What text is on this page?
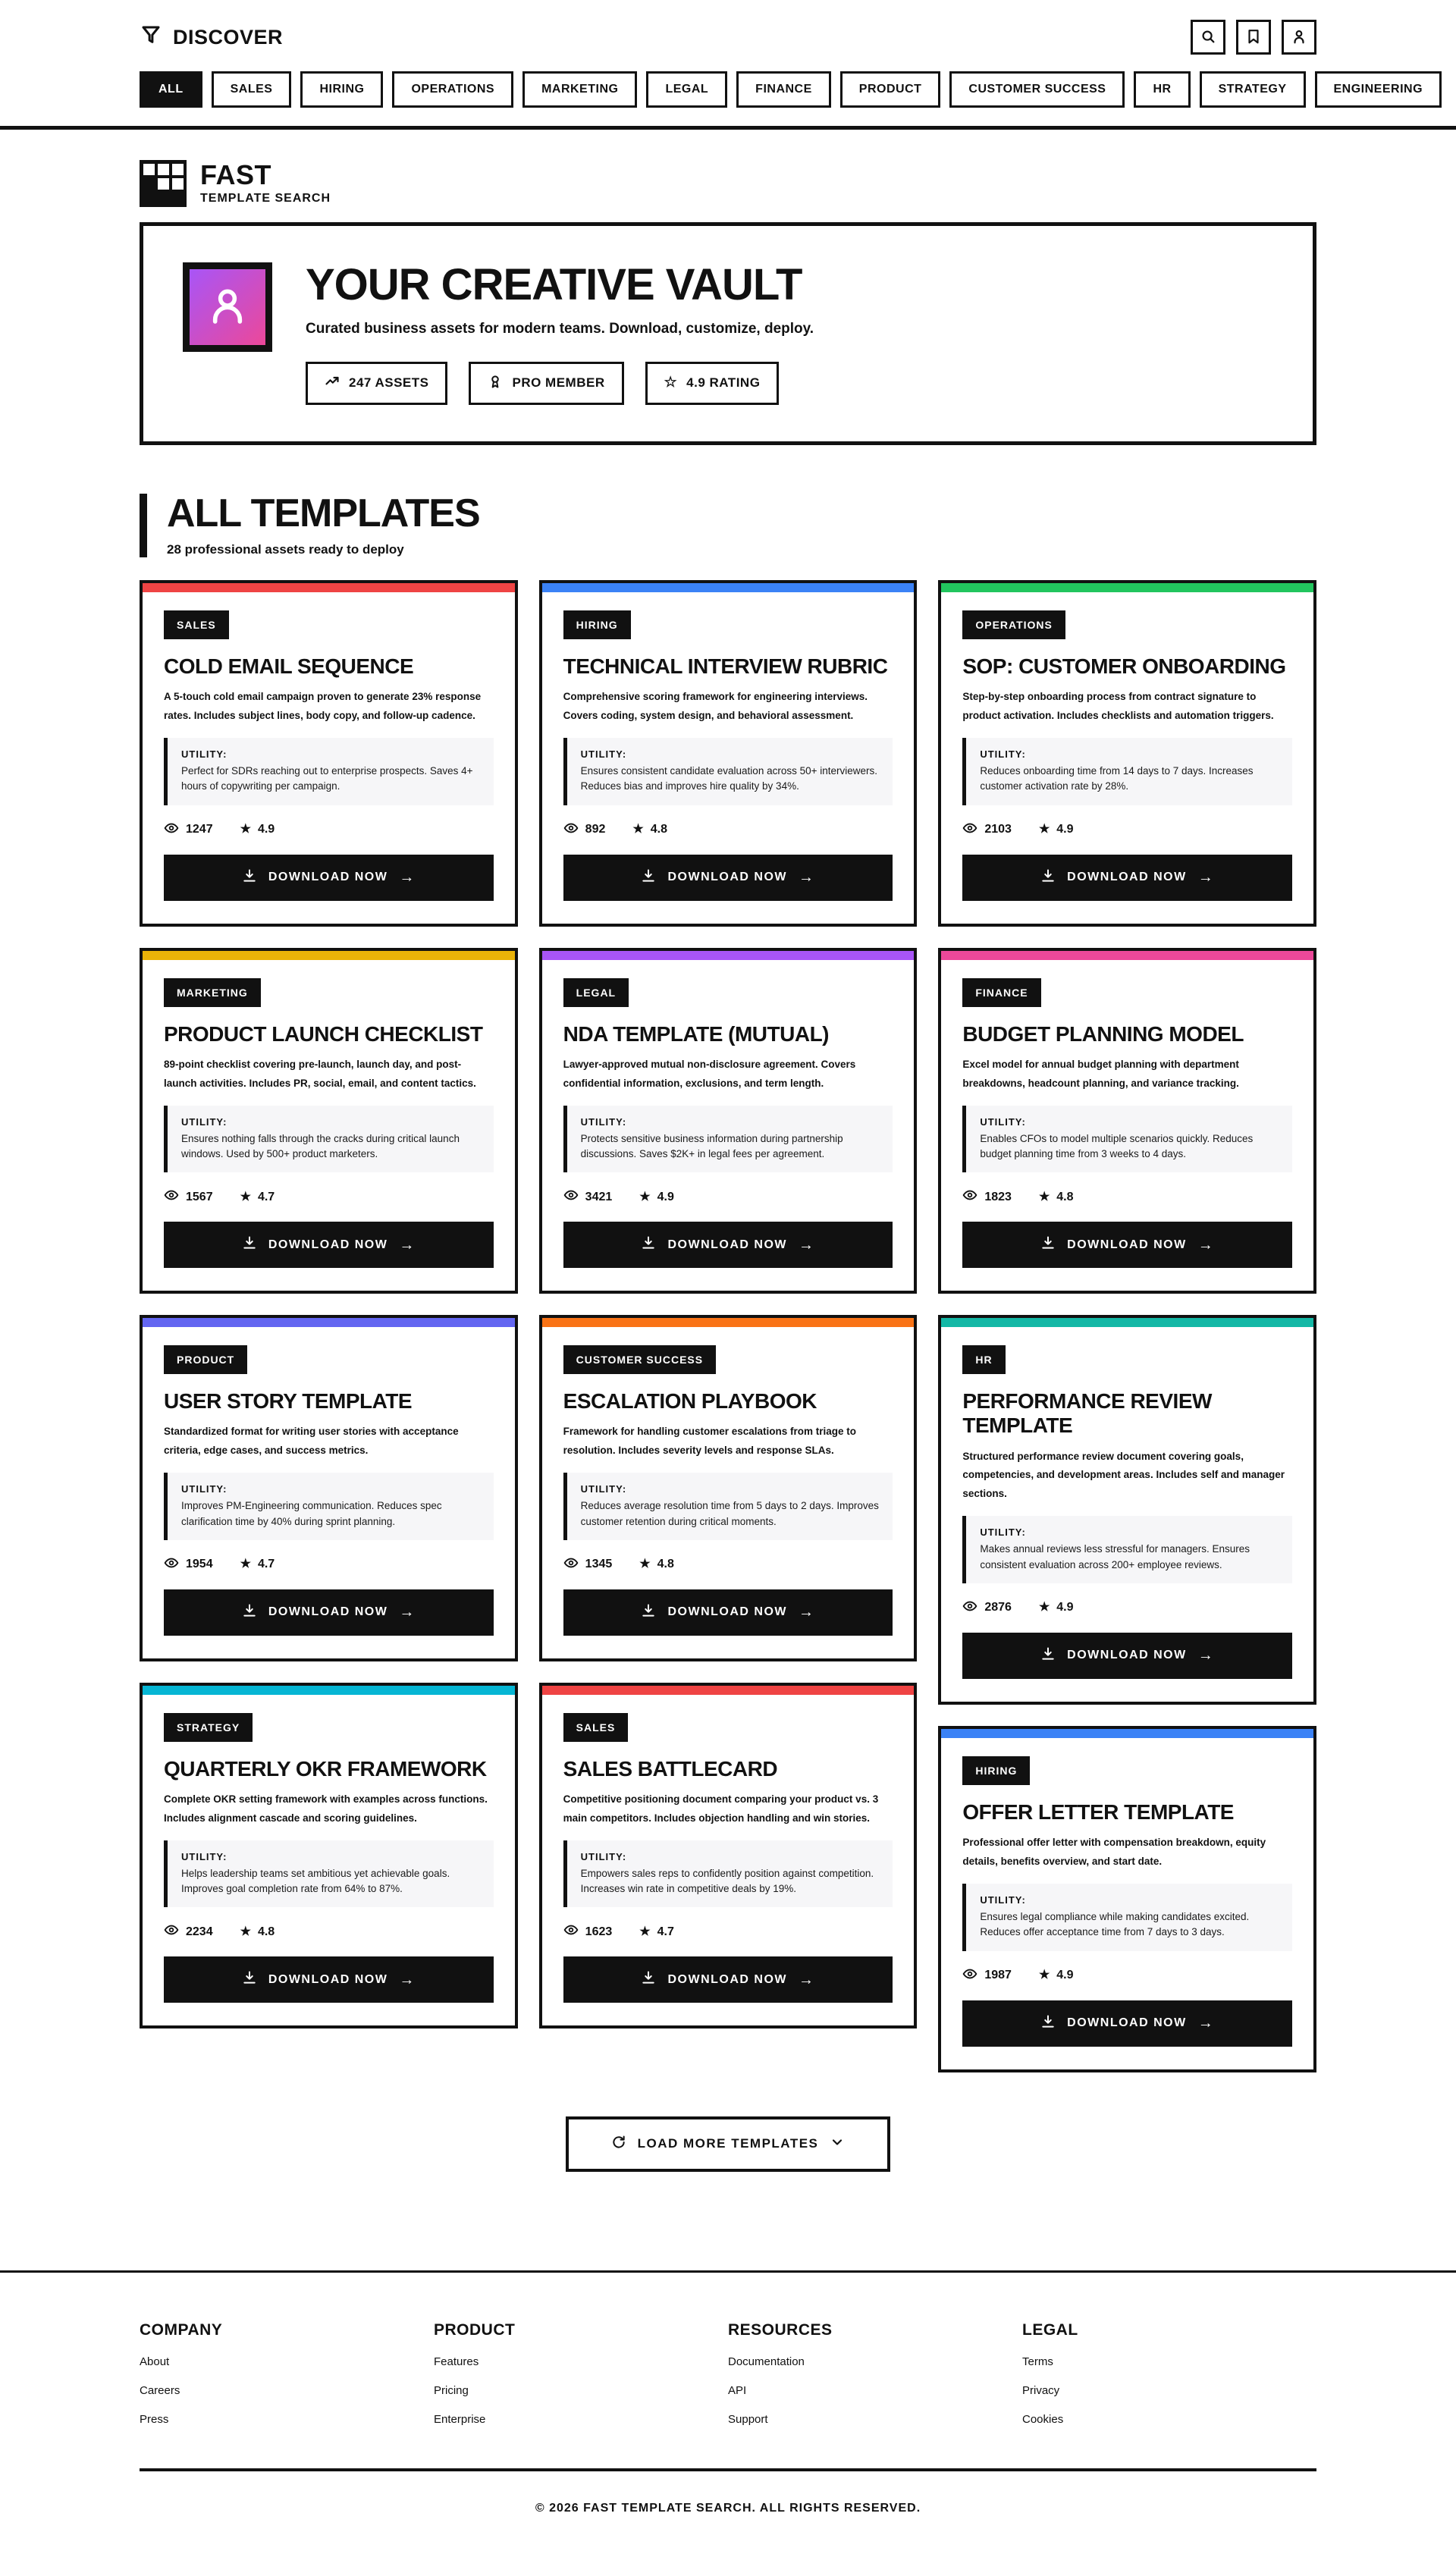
DISCOVER
ALL	SALES	HIRING	OPERATIONS	MARKETING	LEGAL	FINANCE	PRODUCT	CUSTOMER SUCCESS	HR	STRATEGY	ENGINEERING
FAST
TEMPLATE SEARCH
YOUR CREATIVE VAULT
Curated business assets for modern teams. Download, customize, deploy.
247 ASSETS	PRO MEMBER	☆ 4.9 RATING
ALL TEMPLATES
28 professional assets ready to deploy
SALES
COLD EMAIL SEQUENCE

A 5-touch cold email campaign proven to generate 23% response rates. Includes subject lines, body copy, and follow-up cadence.

UTILITY:
Perfect for SDRs reaching out to enterprise prospects. Saves 4+ hours of copywriting per campaign.
1247 ★ 4.9
DOWNLOAD NOW →
MARKETING
PRODUCT LAUNCH CHECKLIST

89-point checklist covering pre-launch, launch day, and post-launch activities. Includes PR, social, email, and content tactics.

UTILITY:
Ensures nothing falls through the cracks during critical launch windows. Used by 500+ product marketers.
1567 ★ 4.7
DOWNLOAD NOW →
PRODUCT
USER STORY TEMPLATE

Standardized format for writing user stories with acceptance criteria, edge cases, and success metrics.

UTILITY:
Improves PM-Engineering communication. Reduces spec clarification time by 40% during sprint planning.
1954 ★ 4.7
DOWNLOAD NOW →
STRATEGY
QUARTERLY OKR FRAMEWORK

Complete OKR setting framework with examples across functions. Includes alignment cascade and scoring guidelines.

UTILITY:
Helps leadership teams set ambitious yet achievable goals. Improves goal completion rate from 64% to 87%.
2234 ★ 4.8
DOWNLOAD NOW →
HIRING
TECHNICAL INTERVIEW RUBRIC

Comprehensive scoring framework for engineering interviews. Covers coding, system design, and behavioral assessment.

UTILITY:
Ensures consistent candidate evaluation across 50+ interviewers. Reduces bias and improves hire quality by 34%.
892 ★ 4.8
DOWNLOAD NOW →
LEGAL
NDA TEMPLATE (MUTUAL)

Lawyer-approved mutual non-disclosure agreement. Covers confidential information, exclusions, and term length.

UTILITY:
Protects sensitive business information during partnership discussions. Saves $2K+ in legal fees per agreement.
3421 ★ 4.9
DOWNLOAD NOW →
CUSTOMER SUCCESS
ESCALATION PLAYBOOK

Framework for handling customer escalations from triage to resolution. Includes severity levels and response SLAs.

UTILITY:
Reduces average resolution time from 5 days to 2 days. Improves customer retention during critical moments.
1345 ★ 4.8
DOWNLOAD NOW →
SALES
SALES BATTLECARD

Competitive positioning document comparing your product vs. 3 main competitors. Includes objection handling and win stories.

UTILITY:
Empowers sales reps to confidently position against competition. Increases win rate in competitive deals by 19%.
1623 ★ 4.7
DOWNLOAD NOW →
OPERATIONS
SOP: CUSTOMER ONBOARDING

Step-by-step onboarding process from contract signature to product activation. Includes checklists and automation triggers.

UTILITY:
Reduces onboarding time from 14 days to 7 days. Increases customer activation rate by 28%.
2103 ★ 4.9
DOWNLOAD NOW →
FINANCE
BUDGET PLANNING MODEL

Excel model for annual budget planning with department breakdowns, headcount planning, and variance tracking.

UTILITY:
Enables CFOs to model multiple scenarios quickly. Reduces budget planning time from 3 weeks to 4 days.
1823 ★ 4.8
DOWNLOAD NOW →
HR
PERFORMANCE REVIEW TEMPLATE

Structured performance review document covering goals, competencies, and development areas. Includes self and manager sections.

UTILITY:
Makes annual reviews less stressful for managers. Ensures consistent evaluation across 200+ employee reviews.
2876 ★ 4.9
DOWNLOAD NOW →
HIRING
OFFER LETTER TEMPLATE

Professional offer letter with compensation breakdown, equity details, benefits overview, and start date.

UTILITY:
Ensures legal compliance while making candidates excited. Reduces offer acceptance time from 7 days to 3 days.
1987 ★ 4.9
DOWNLOAD NOW →
LOAD MORE TEMPLATES
COMPANY
About
Careers
Press
PRODUCT
Features
Pricing
Enterprise
RESOURCES
Documentation
API
Support
LEGAL
Terms
Privacy
Cookies
© 2026 FAST TEMPLATE SEARCH. ALL RIGHTS RESERVED.
